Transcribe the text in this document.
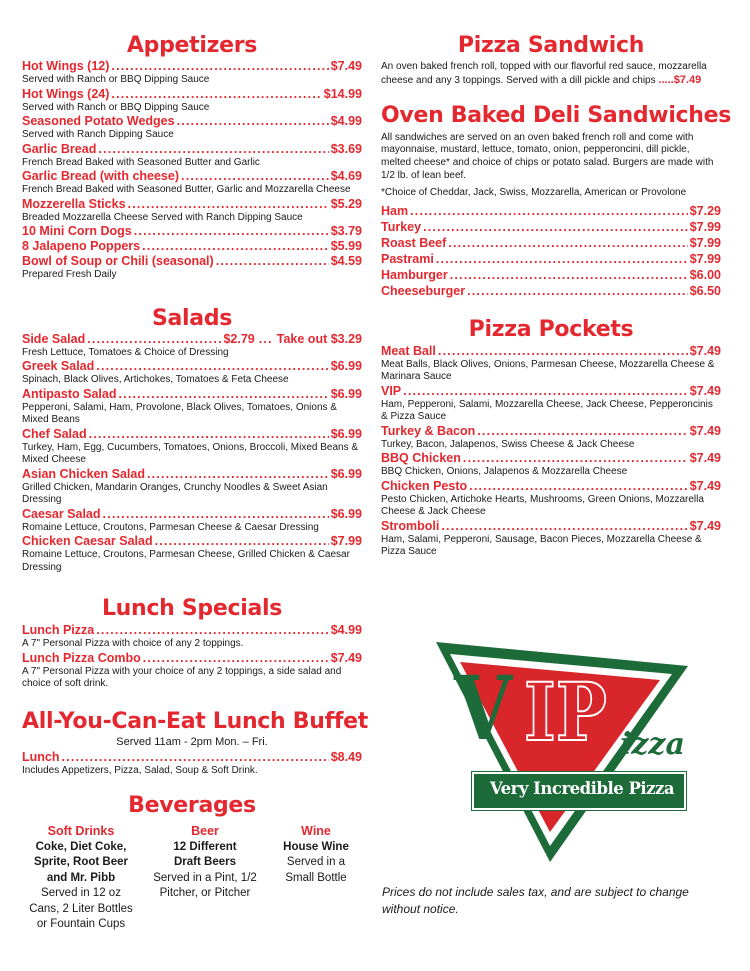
Appetizers
Hot Wings (12) .....	$7.49
Served with Ranch or BBQ Dipping Sauce
Hot Wings (24) .....	$14.99
Served with Ranch or BBQ Dipping Sauce
Seasoned Potato Wedges .....	$4.99
Served with Ranch Dipping Sauce
Garlic Bread .....	$3.69
French Bread Baked with Seasoned Butter and Garlic
Garlic Bread (with cheese) .....	$4.69
French Bread Baked with Seasoned Butter, Garlic and Mozzarella Cheese
Mozzerella Sticks .....	$5.29
Breaded Mozzarella Cheese Served with Ranch Dipping Sauce
10 Mini Corn Dogs .....	$3.79
8 Jalapeno Poppers .....	$5.99
Bowl of Soup or Chili (seasonal) .....	$4.59
Prepared Fresh Daily
Salads
Side Salad .....	$2.79 ... Take out $3.29
Fresh Lettuce, Tomatoes & Choice of Dressing
Greek Salad .....	$6.99
Spinach, Black Olives, Artichokes, Tomatoes & Feta Cheese
Antipasto Salad .....	$6.99
Pepperoni, Salami, Ham, Provolone, Black Olives, Tomatoes, Onions & Mixed Beans
Chef Salad .....	$6.99
Turkey, Ham, Egg, Cucumbers, Tomatoes, Onions, Broccoli, Mixed Beans & Mixed Cheese
Asian Chicken Salad .....	$6.99
Grilled Chicken, Mandarin Oranges, Crunchy Noodles & Sweet Asian Dressing
Caesar Salad .....	$6.99
Romaine Lettuce, Croutons, Parmesan Cheese & Caesar Dressing
Chicken Caesar Salad .....	$7.99
Romaine Lettuce, Croutons, Parmesan Cheese, Grilled Chicken & Caesar Dressing
Lunch Specials
Lunch Pizza .....	$4.99
A 7" Personal Pizza with choice of any 2 toppings.
Lunch Pizza Combo .....	$7.49
A 7" Personal Pizza with your choice of any 2 toppings, a side salad and choice of soft drink.
All-You-Can-Eat Lunch Buffet
Served 11am - 2pm Mon. – Fri.
Lunch .....	$8.49
Includes Appetizers, Pizza, Salad, Soup & Soft Drink.
Beverages
Soft Drinks
Coke, Diet Coke,
Sprite, Root Beer
and Mr. Pibb
Served in 12 oz
Cans, 2 Liter Bottles
or Fountain Cups
Beer
12 Different
Draft Beers
Served in a Pint, 1/2
Pitcher, or Pitcher
Wine
House Wine
Served in a
Small Bottle
Pizza Sandwich
An oven baked french roll, topped with our flavorful red sauce, mozzarella cheese and any 3 toppings. Served with a dill pickle and chips .....$7.49
Oven Baked Deli Sandwiches
All sandwiches are served on an oven baked french roll and come with mayonnaise, mustard, lettuce, tomato, onion, pepperoncini, dill pickle, melted cheese* and choice of chips or potato salad. Burgers are made with 1/2 lb. of lean beef.
*Choice of Cheddar, Jack, Swiss, Mozzarella, American or Provolone
Ham .....	$7.29
Turkey .....	$7.99
Roast Beef .....	$7.99
Pastrami .....	$7.99
Hamburger .....	$6.00
Cheeseburger .....	$6.50
Pizza Pockets
Meat Ball .....	$7.49
Meat Balls, Black Olives, Onions, Parmesan Cheese, Mozzarella Cheese & Marinara Sauce
VIP .....	$7.49
Ham, Pepperoni, Salami, Mozzarella Cheese, Jack Cheese, Pepperoncinis & Pizza Sauce
Turkey & Bacon .....	$7.49
Turkey, Bacon, Jalapenos, Swiss Cheese & Jack Cheese
BBQ Chicken .....	$7.49
BBQ Chicken, Onions, Jalapenos & Mozzarella Cheese
Chicken Pesto .....	$7.49
Pesto Chicken, Artichoke Hearts, Mushrooms, Green Onions, Mozzarella Cheese & Jack Cheese
Stromboli .....	$7.49
Ham, Salami, Pepperoni, Sausage, Bacon Pieces, Mozzarella Cheese & Pizza Sauce
V IP izza
Very Incredible Pizza
Prices do not include sales tax, and are subject to change without notice.
